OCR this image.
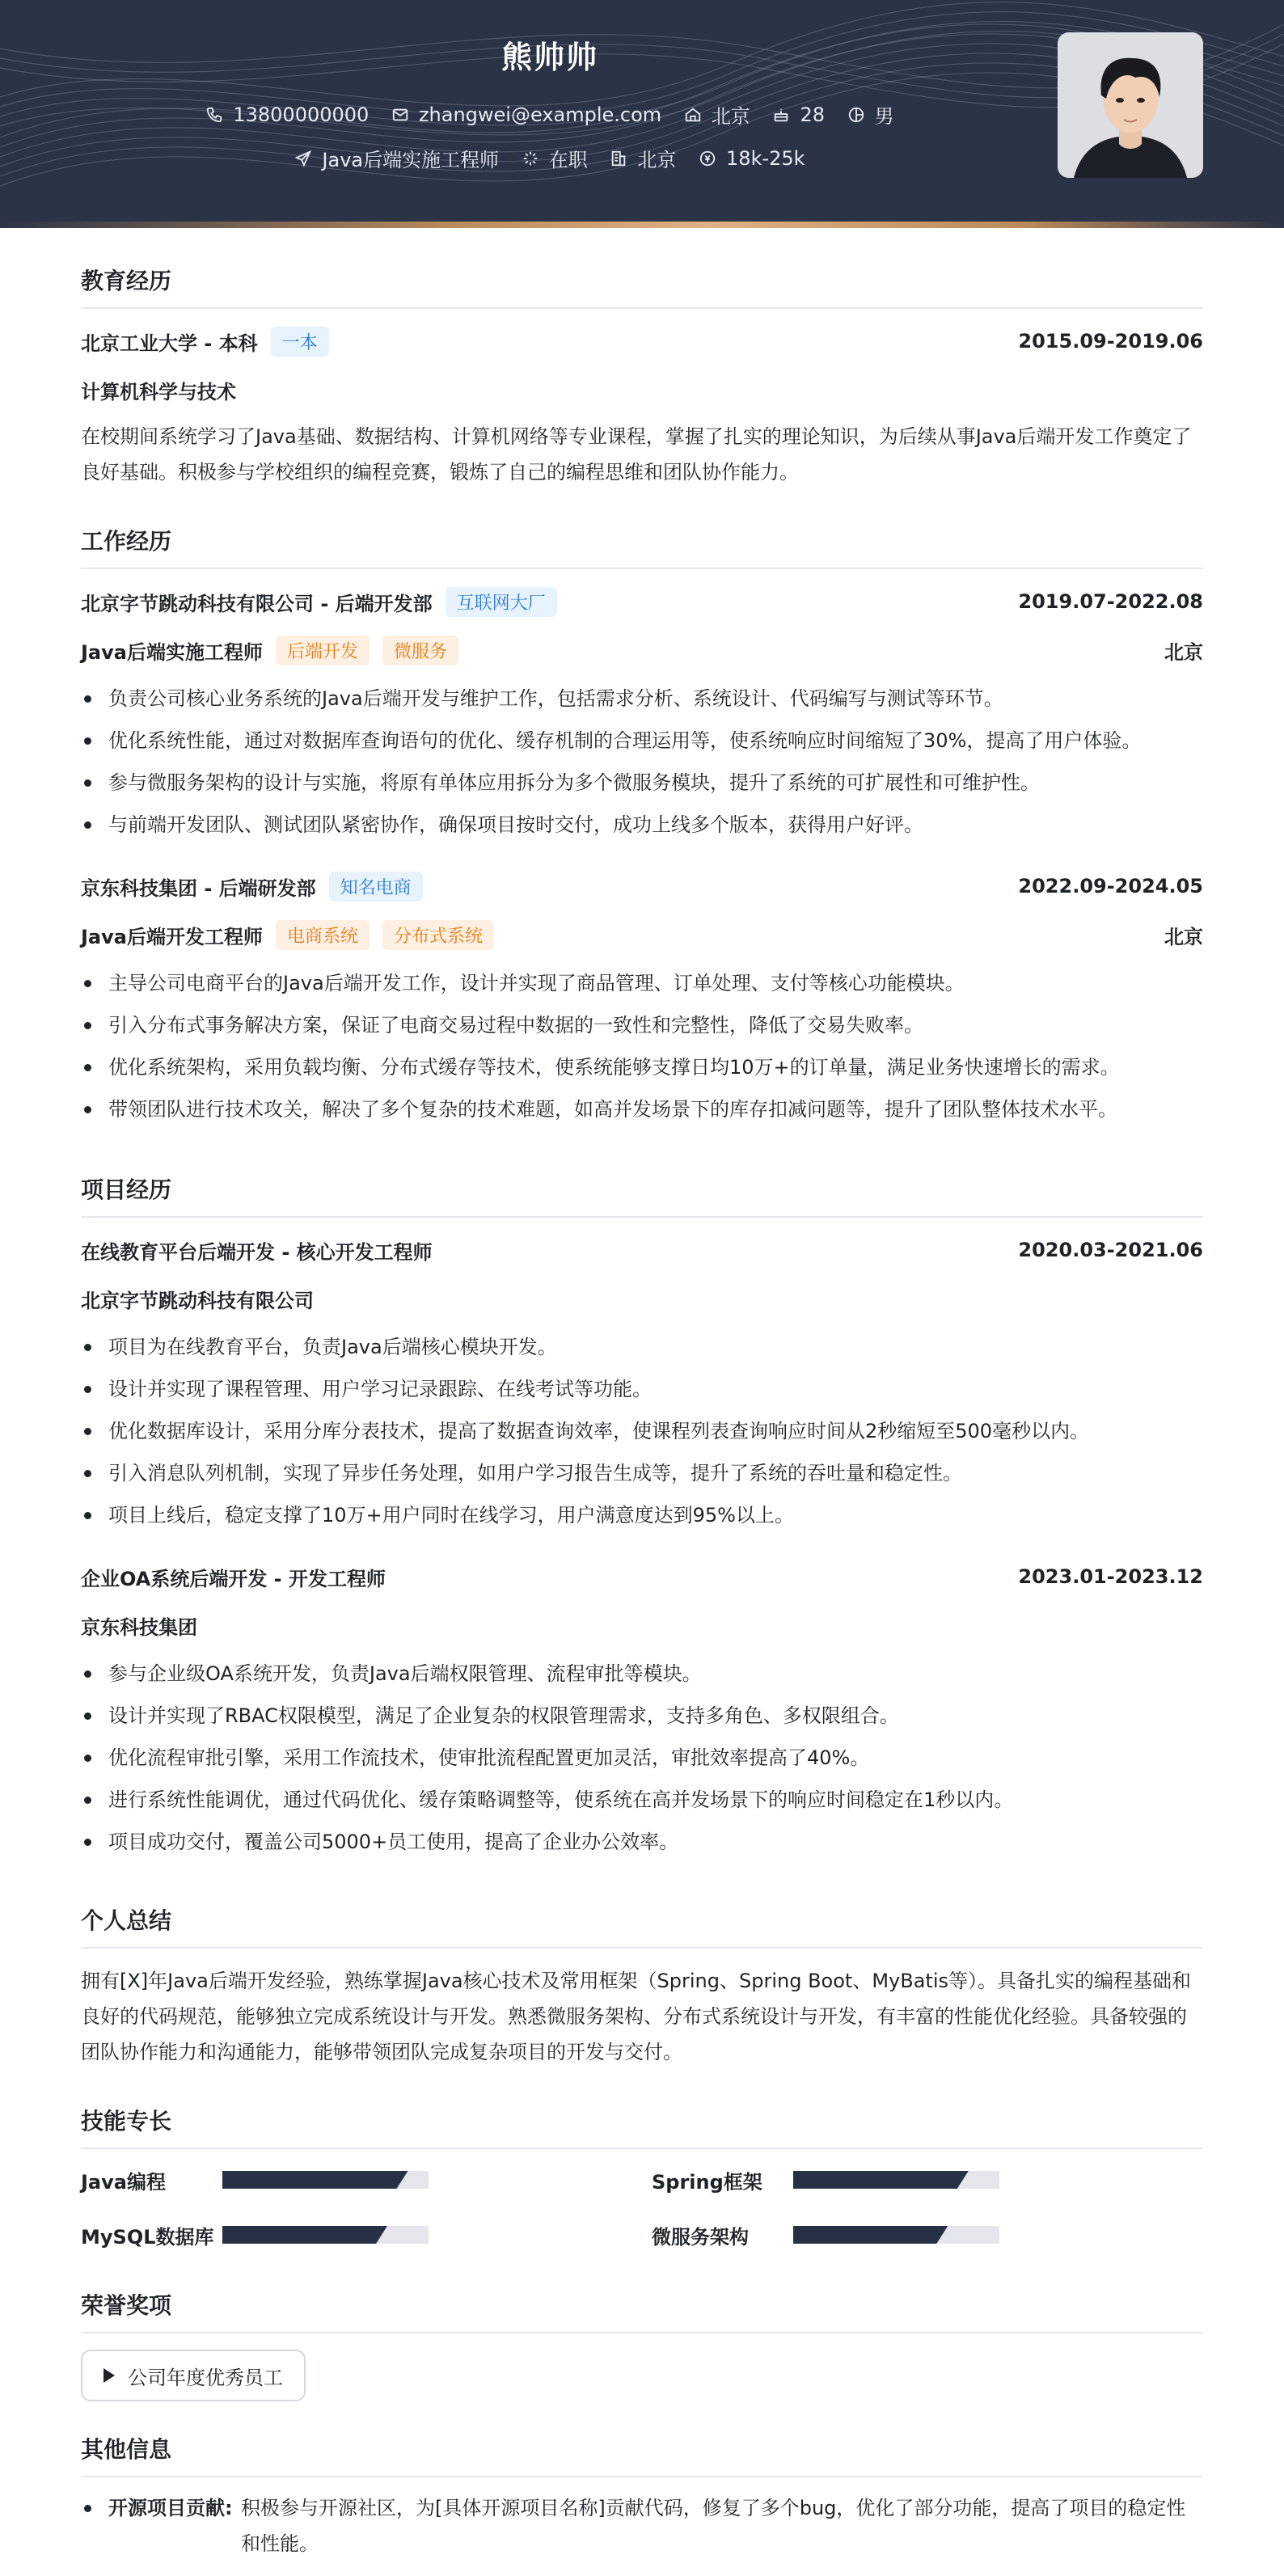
熊帅帅
13800000000
	zhangwei@example.com
	北京
	28
	男
Java后端实施工程师
	在职
	北京
	18k-25k
教育经历
北京工业大学 - 本科	一本	2015.09-2019.06
计算机科学与技术
在校期间系统学习了Java基础、数据结构、计算机网络等专业课程，掌握了扎实的理论知识，为后续从事Java后端开发工作奠定了良好基础。积极参与学校组织的编程竞赛，锻炼了自己的编程思维和团队协作能力。
工作经历
北京字节跳动科技有限公司 - 后端开发部	互联网大厂	2019.07-2022.08
Java后端实施工程师	后端开发	微服务	北京
负责公司核心业务系统的Java后端开发与维护工作，包括需求分析、系统设计、代码编写与测试等环节。
优化系统性能，通过对数据库查询语句的优化、缓存机制的合理运用等，使系统响应时间缩短了30%，提高了用户体验。
参与微服务架构的设计与实施，将原有单体应用拆分为多个微服务模块，提升了系统的可扩展性和可维护性。
与前端开发团队、测试团队紧密协作，确保项目按时交付，成功上线多个版本，获得用户好评。
京东科技集团 - 后端研发部	知名电商	2022.09-2024.05
Java后端开发工程师	电商系统	分布式系统	北京
主导公司电商平台的Java后端开发工作，设计并实现了商品管理、订单处理、支付等核心功能模块。
引入分布式事务解决方案，保证了电商交易过程中数据的一致性和完整性，降低了交易失败率。
优化系统架构，采用负载均衡、分布式缓存等技术，使系统能够支撑日均10万+的订单量，满足业务快速增长的需求。
带领团队进行技术攻关，解决了多个复杂的技术难题，如高并发场景下的库存扣减问题等，提升了团队整体技术水平。
项目经历
在线教育平台后端开发 - 核心开发工程师	2020.03-2021.06
北京字节跳动科技有限公司
项目为在线教育平台，负责Java后端核心模块开发。
设计并实现了课程管理、用户学习记录跟踪、在线考试等功能。
优化数据库设计，采用分库分表技术，提高了数据查询效率，使课程列表查询响应时间从2秒缩短至500毫秒以内。
引入消息队列机制，实现了异步任务处理，如用户学习报告生成等，提升了系统的吞吐量和稳定性。
项目上线后，稳定支撑了10万+用户同时在线学习，用户满意度达到95%以上。
企业OA系统后端开发 - 开发工程师	2023.01-2023.12
京东科技集团
参与企业级OA系统开发，负责Java后端权限管理、流程审批等模块。
设计并实现了RBAC权限模型，满足了企业复杂的权限管理需求，支持多角色、多权限组合。
优化流程审批引擎，采用工作流技术，使审批流程配置更加灵活，审批效率提高了40%。
进行系统性能调优，通过代码优化、缓存策略调整等，使系统在高并发场景下的响应时间稳定在1秒以内。
项目成功交付，覆盖公司5000+员工使用，提高了企业办公效率。
个人总结
拥有[X]年Java后端开发经验，熟练掌握Java核心技术及常用框架（Spring、Spring Boot、MyBatis等）。具备扎实的编程基础和良好的代码规范，能够独立完成系统设计与开发。熟悉微服务架构、分布式系统设计与开发，有丰富的性能优化经验。具备较强的团队协作能力和沟通能力，能够带领团队完成复杂项目的开发与交付。
技能专长
Java编程	Spring框架
MySQL数据库	微服务架构
荣誉奖项
公司年度优秀员工
其他信息
开源项目贡献: 积极参与开源社区，为[具体开源项目名称]贡献代码，修复了多个bug，优化了部分功能，提高了项目的稳定性和性能。
